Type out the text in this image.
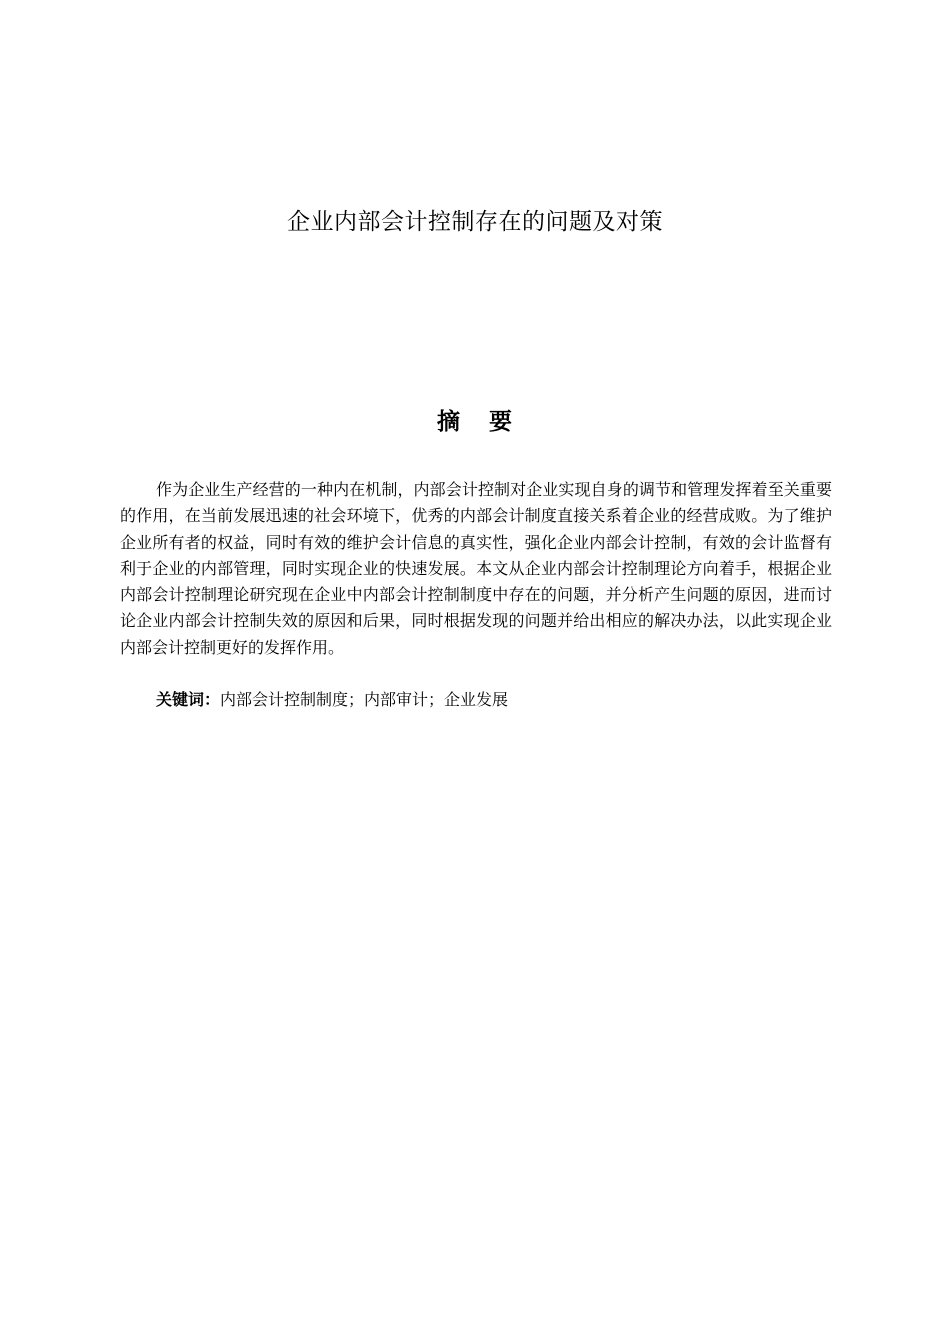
企业内部会计控制存在的问题及对策
摘 要

作为企业生产经营的一种内在机制，内部会计控制对企业实现自身的调节和管理发挥着至关重要的作用，在当前发展迅速的社会环境下，优秀的内部会计制度直接关系着企业的经营成败。为了维护企业所有者的权益，同时有效的维护会计信息的真实性，强化企业内部会计控制，有效的会计监督有利于企业的内部管理，同时实现企业的快速发展。本文从企业内部会计控制理论方向着手，根据企业内部会计控制理论研究现在企业中内部会计控制制度中存在的问题，并分析产生问题的原因，进而讨论企业内部会计控制失效的原因和后果，同时根据发现的问题并给出相应的解决办法，以此实现企业内部会计控制更好的发挥作用。

关键词：内部会计控制制度；内部审计；企业发展
